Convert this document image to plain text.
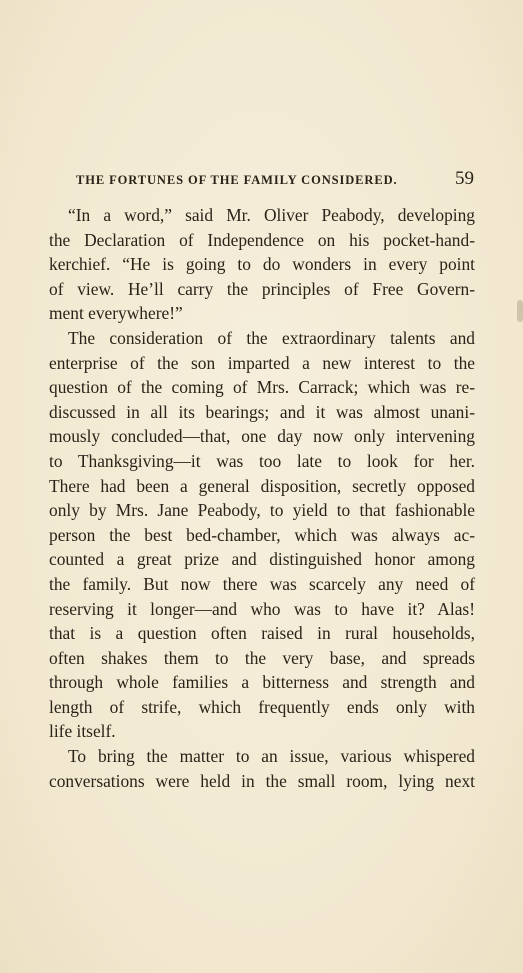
THE FORTUNES OF THE FAMILY CONSIDERED.	59
“In a word,” said Mr. Oliver Peabody, developing
the Declaration of Independence on his pocket-hand-
kerchief. “He is going to do wonders in every point
of view. He’ll carry the principles of Free Govern-
ment everywhere!”
The consideration of the extraordinary talents and
enterprise of the son imparted a new interest to the
question of the coming of Mrs. Carrack; which was re-
discussed in all its bearings; and it was almost unani-
mously concluded—that, one day now only intervening
to Thanksgiving—it was too late to look for her.
There had been a general disposition, secretly opposed
only by Mrs. Jane Peabody, to yield to that fashionable
person the best bed-chamber, which was always ac-
counted a great prize and distinguished honor among
the family. But now there was scarcely any need of
reserving it longer—and who was to have it? Alas!
that is a question often raised in rural households,
often shakes them to the very base, and spreads
through whole families a bitterness and strength and
length of strife, which frequently ends only with
life itself.
To bring the matter to an issue, various whispered
conversations were held in the small room, lying next
